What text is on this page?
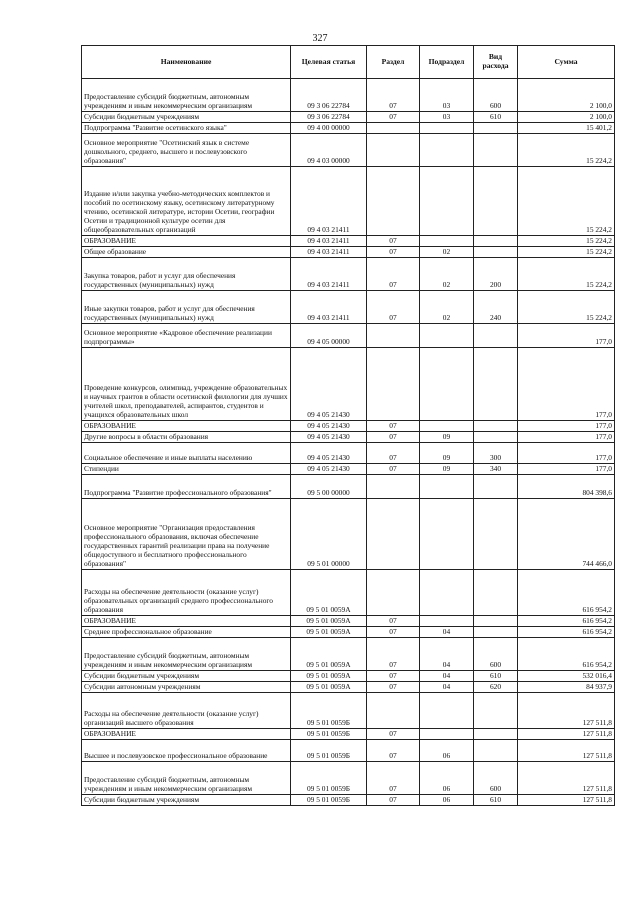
327
Наименование	Целевая статья	Раздел	Подраздел	Вид расхода	Сумма
Предоставление субсидий бюджетным, автономным учреждениям и иным некоммерческим организациям	09 3 06 22784	07	03	600	2 100,0
Субсидии бюджетным учреждениям	09 3 06 22784	07	03	610	2 100,0
Подпрограмма "Развитие осетинского языка"	09 4 00 00000				15 401,2
Основное мероприятие "Осетинский язык в системе дошкольного, среднего, высшего и послевузовского образования"	09 4 03 00000				15 224,2
Издание и/или закупка учебно-методических комплектов и пособий по осетинскому языку, осетинскому литературному чтению, осетинской литературе, истории Осетии, географии Осетии и традиционной культуре осетин для общеобразовательных организаций	09 4 03 21411				15 224,2
ОБРАЗОВАНИЕ	09 4 03 21411	07			15 224,2
Общее образование	09 4 03 21411	07	02		15 224,2
Закупка товаров, работ и услуг для обеспечения государственных (муниципальных) нужд	09 4 03 21411	07	02	200	15 224,2
Иные закупки товаров, работ и услуг для обеспечения государственных (муниципальных) нужд	09 4 03 21411	07	02	240	15 224,2
Основное мероприятие «Кадровое обеспечение реализации подпрограммы»	09 4 05 00000				177,0
Проведение конкурсов, олимпиад, учреждение образовательных и научных грантов в области осетинской филологии для лучших учителей школ, преподавателей, аспирантов, студентов и учащихся образовательных школ	09 4 05 21430				177,0
ОБРАЗОВАНИЕ	09 4 05 21430	07			177,0
Другие вопросы в области образования	09 4 05 21430	07	09		177,0
Социальное обеспечение и иные выплаты населению	09 4 05 21430	07	09	300	177,0
Стипендии	09 4 05 21430	07	09	340	177,0
Подпрограмма "Развитие профессионального образования"	09 5 00 00000				804 398,6
Основное мероприятие "Организация предоставления профессионального образования, включая обеспечение государственных гарантий реализации права на получение общедоступного и бесплатного профессионального образования"	09 5 01 00000				744 466,0
Расходы на обеспечение деятельности (оказание услуг) образовательных организаций среднего профессионального образования	09 5 01 0059А				616 954,2
ОБРАЗОВАНИЕ	09 5 01 0059А	07			616 954,2
Среднее профессиональное образование	09 5 01 0059А	07	04		616 954,2
Предоставление субсидий бюджетным, автономным учреждениям и иным некоммерческим организациям	09 5 01 0059А	07	04	600	616 954,2
Субсидии бюджетным учреждениям	09 5 01 0059А	07	04	610	532 016,4
Субсидии автономным учреждениям	09 5 01 0059А	07	04	620	84 937,9
Расходы на обеспечение деятельности (оказание услуг) организаций высшего образования	09 5 01 0059Б				127 511,8
ОБРАЗОВАНИЕ	09 5 01 0059Б	07			127 511,8
Высшее и послевузовское профессиональное образование	09 5 01 0059Б	07	06		127 511,8
Предоставление субсидий бюджетным, автономным учреждениям и иным некоммерческим организациям	09 5 01 0059Б	07	06	600	127 511,8
Субсидии бюджетным учреждениям	09 5 01 0059Б	07	06	610	127 511,8
